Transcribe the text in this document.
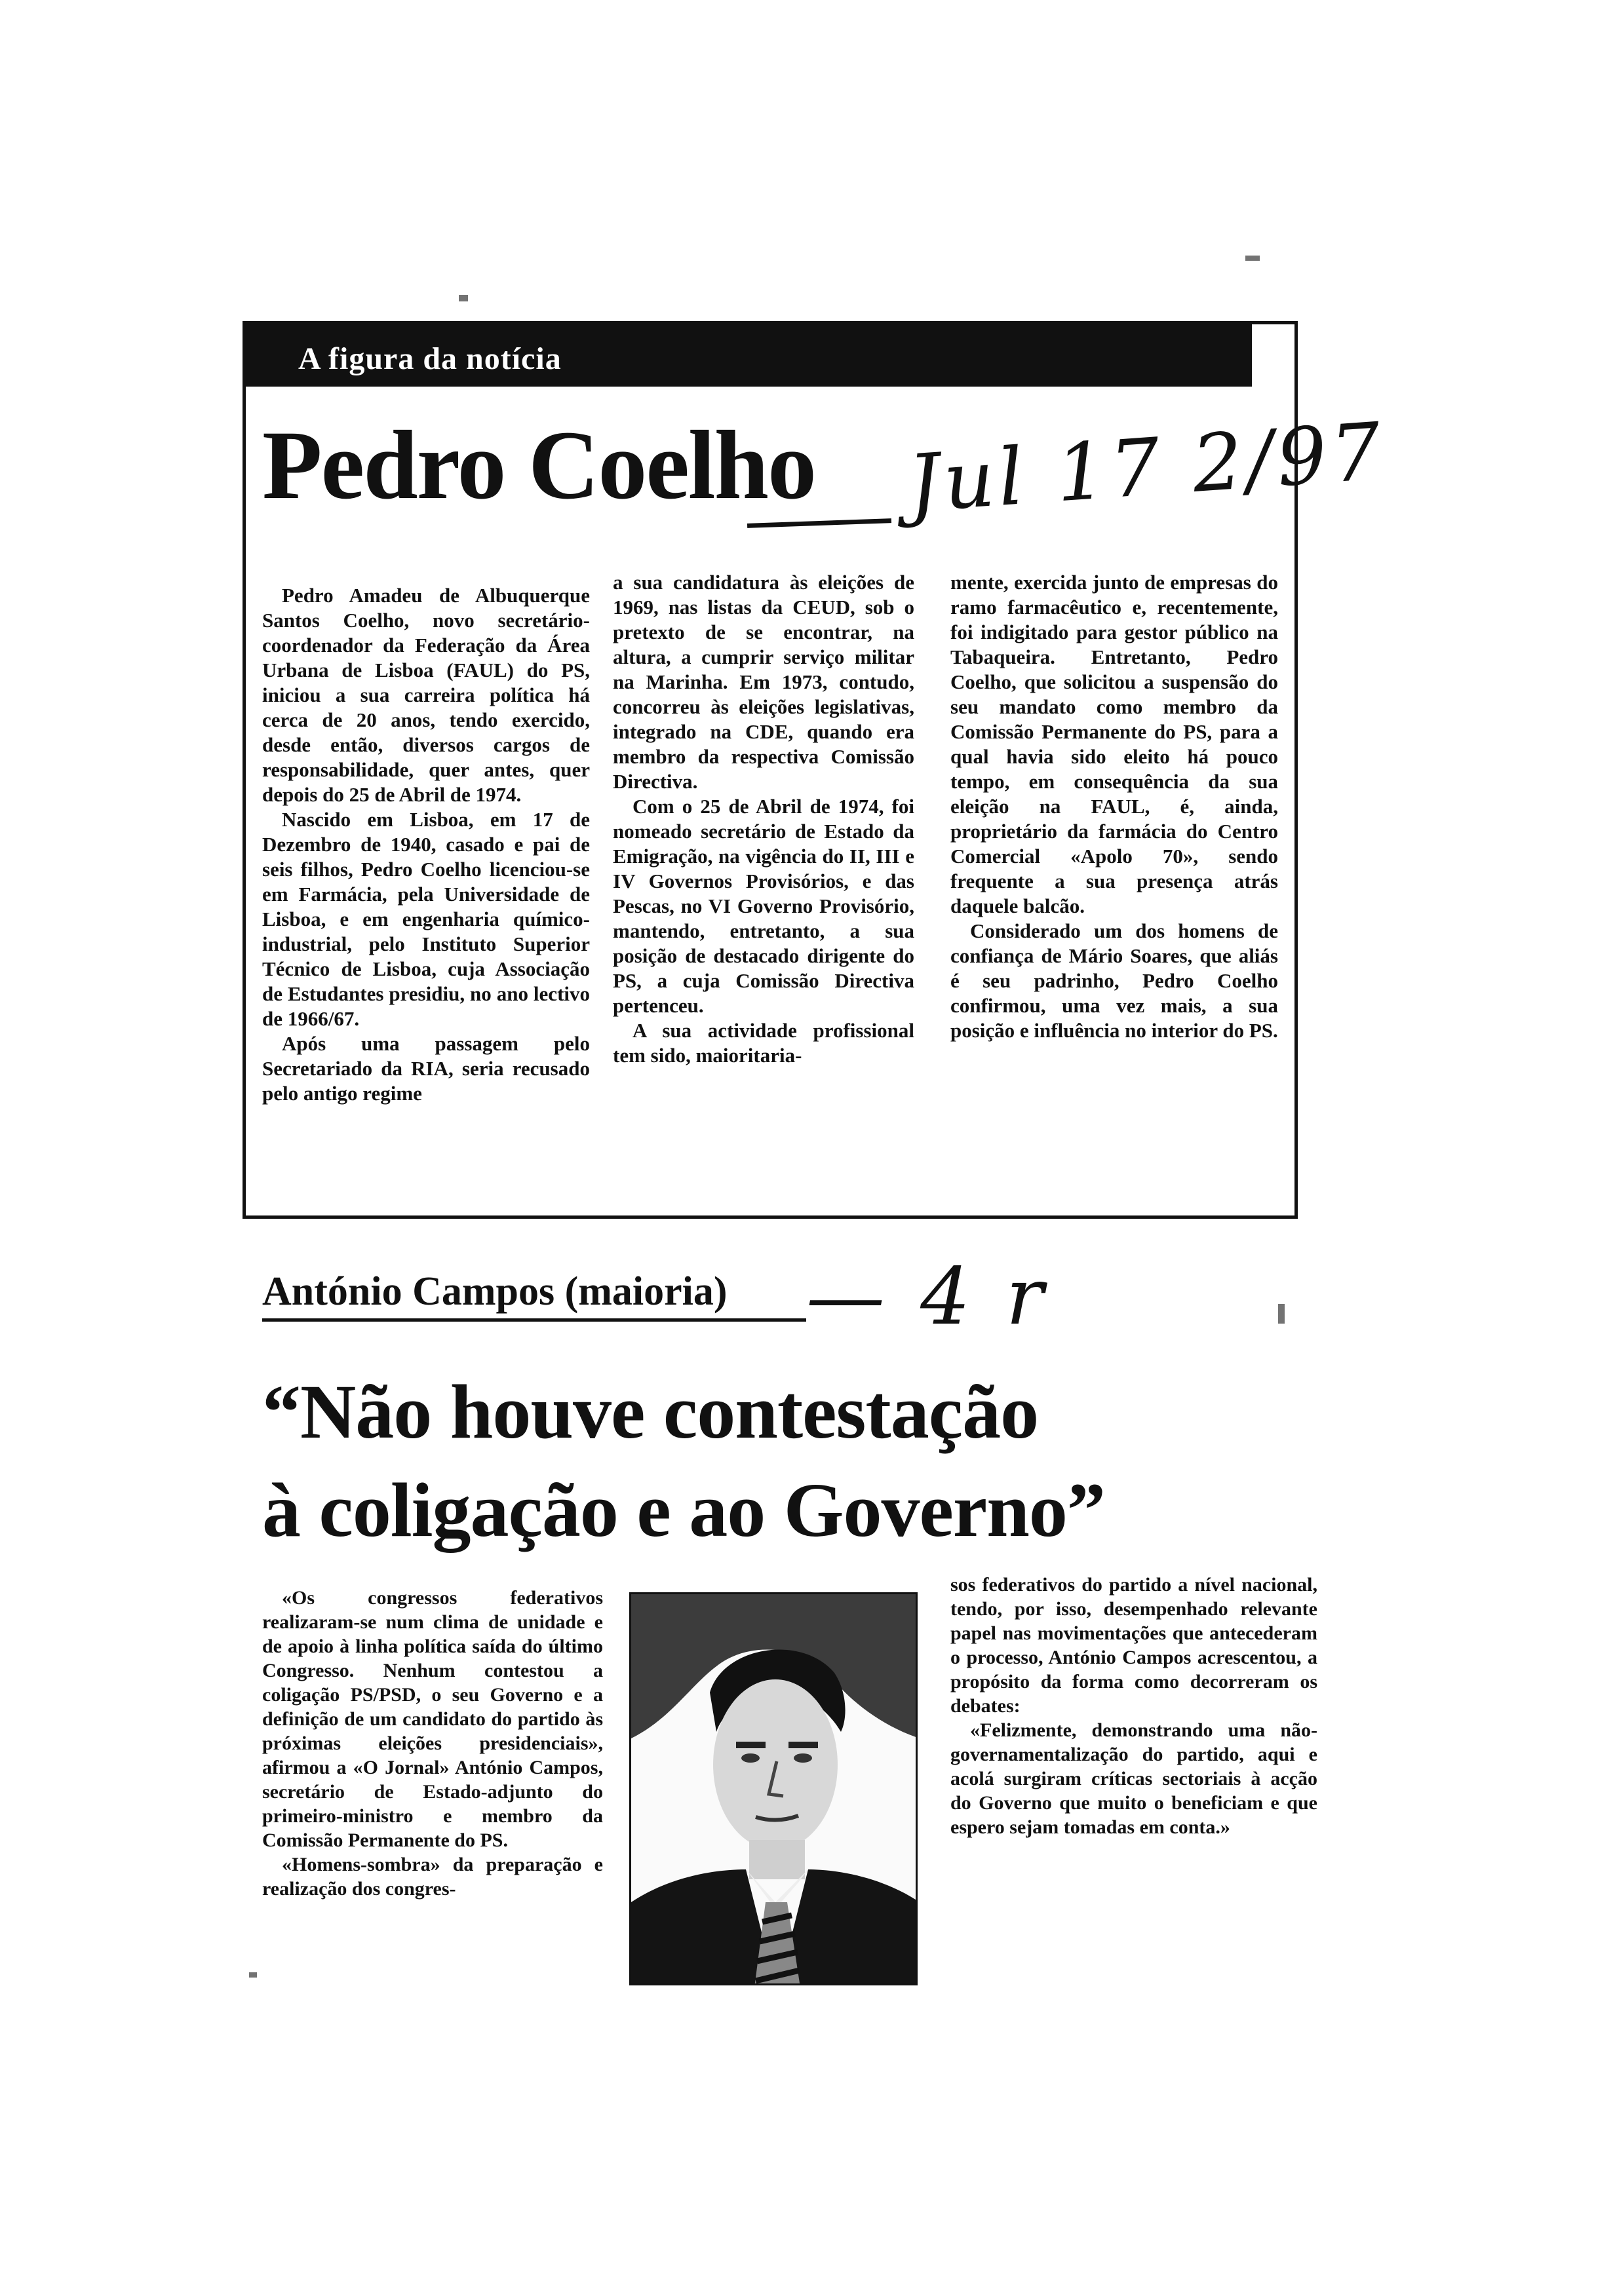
A figura da notícia
Pedro Coelho Jul 17 2/97

Pedro Amadeu de Albuquerque Santos Coelho, novo secretário-coordenador da Federação da Área Urbana de Lisboa (FAUL) do PS, iniciou a sua carreira política há cerca de 20 anos, tendo exercido, desde então, diversos cargos de responsabilidade, quer antes, quer depois do 25 de Abril de 1974.

Nascido em Lisboa, em 17 de Dezembro de 1940, casado e pai de seis filhos, Pedro Coelho licenciou-se em Farmácia, pela Universidade de Lisboa, e em engenharia químico-industrial, pelo Instituto Superior Técnico de Lisboa, cuja Associação de Estudantes presidiu, no ano lectivo de 1966/67.

Após uma passagem pelo Secretariado da RIA, seria recusado pelo antigo regime

a sua candidatura às eleições de 1969, nas listas da CEUD, sob o pretexto de se encontrar, na altura, a cumprir serviço militar na Marinha. Em 1973, contudo, concorreu às eleições legislativas, integrado na CDE, quando era membro da respectiva Comissão Directiva.

Com o 25 de Abril de 1974, foi nomeado secretário de Estado da Emigração, na vigência do II, III e IV Governos Provisórios, e das Pescas, no VI Governo Provisório, mantendo, entretanto, a sua posição de destacado dirigente do PS, a cuja Comissão Directiva pertenceu.

A sua actividade profissional tem sido, maioritaria-

mente, exercida junto de empresas do ramo farmacêutico e, recentemente, foi indigitado para gestor público na Tabaqueira. Entretanto, Pedro Coelho, que solicitou a suspensão do seu mandato como membro da Comissão Permanente do PS, para a qual havia sido eleito há pouco tempo, em consequência da sua eleição na FAUL, é, ainda, proprietário da farmácia do Centro Comercial «Apolo 70», sendo frequente a sua presença atrás daquele balcão.

Considerado um dos homens de confiança de Mário Soares, que aliás é seu padrinho, Pedro Coelho confirmou, uma vez mais, a sua posição e influência no interior do PS.

António Campos (maioria) — 4 r
“Não houve contestação
à coligação e ao Governo”

«Os congressos federativos realizaram-se num clima de unidade e de apoio à linha política saída do último Congresso. Nenhum contestou a coligação PS/PSD, o seu Governo e a definição de um candidato do partido às próximas eleições presidenciais», afirmou a «O Jornal» António Campos, secretário de Estado-adjunto do primeiro-ministro e membro da Comissão Permanente do PS.

«Homens-sombra» da preparação e realização dos congres-

sos federativos do partido a nível nacional, tendo, por isso, desempenhado relevante papel nas movimentações que antecederam o processo, António Campos acrescentou, a propósito da forma como decorreram os debates:

«Felizmente, demonstrando uma não-governamentalização do partido, aqui e acolá surgiram críticas sectoriais à acção do Governo que muito o beneficiam e que espero sejam tomadas em conta.»
